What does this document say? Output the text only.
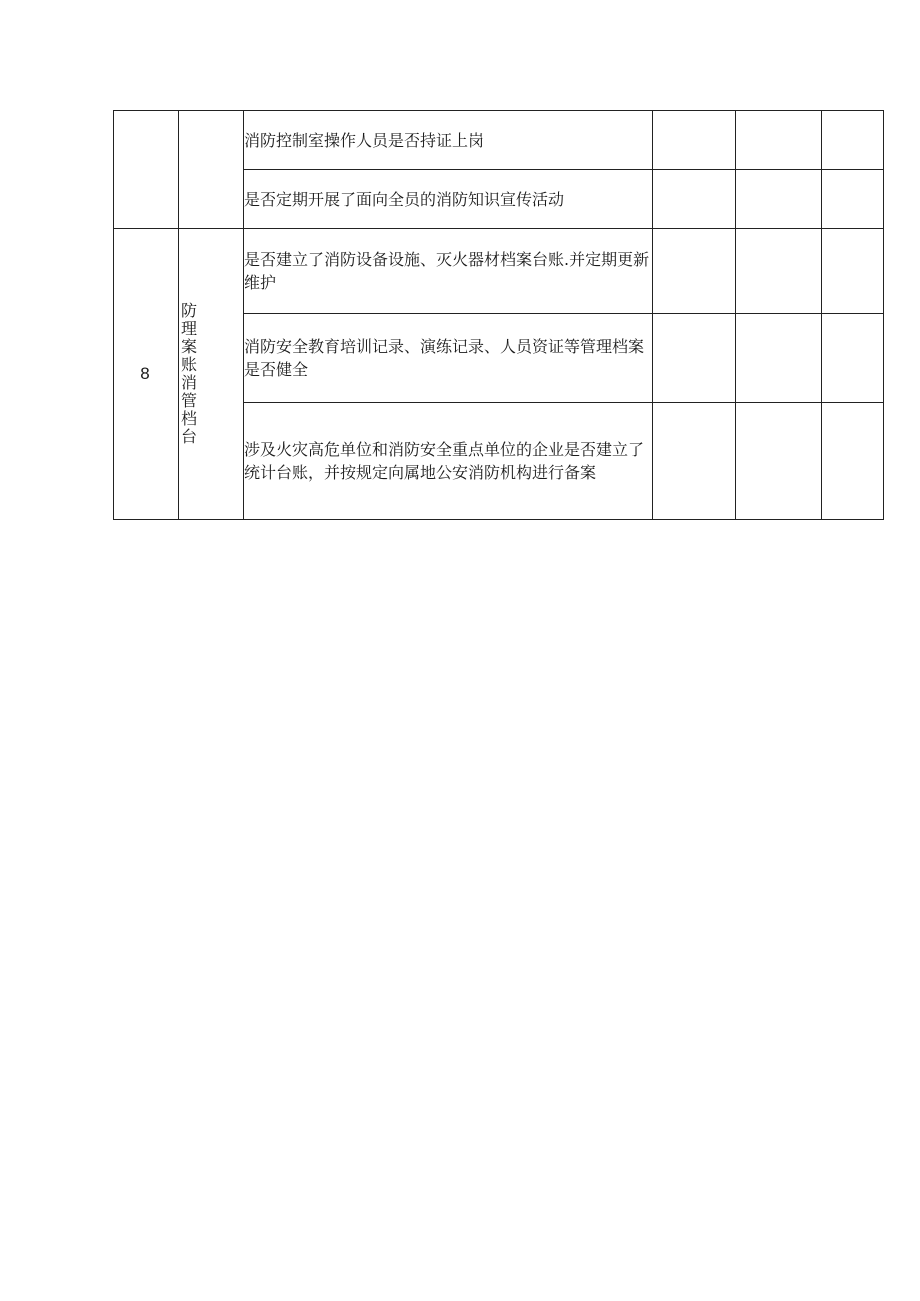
		消防控制室操作人员是否持证上岗			
		是否定期开展了面向全员的消防知识宣传活动			
8	防理案账消管档台	是否建立了消防设备设施、灭火器材档案台账.并定期更新维护			
		消防安全教育培训记录、演练记录、人员资证等管理档案是否健全			
		涉及火灾高危单位和消防安全重点单位的企业是否建立了统计台账，并按规定向属地公安消防机构进行备案			
